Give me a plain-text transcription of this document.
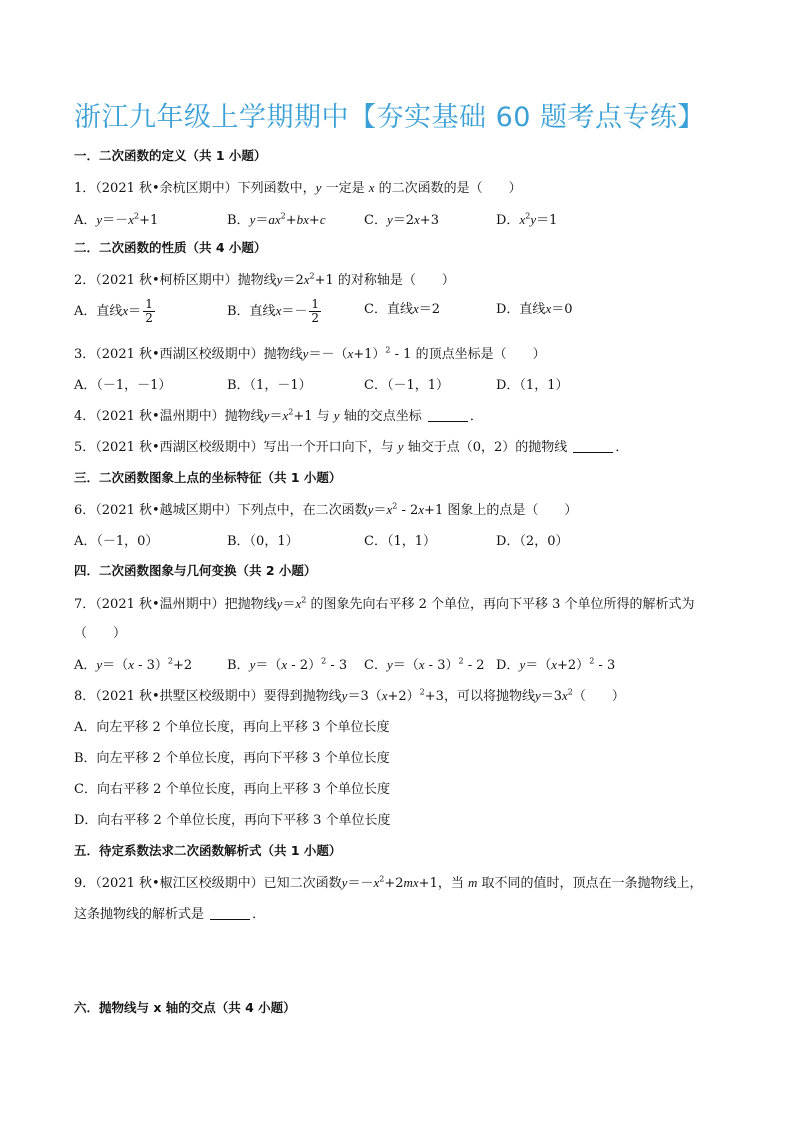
浙江九年级上学期期中【夯实基础 60 题考点专练】
一．二次函数的定义（共 1 小题）
1．（2021 秋•余杭区期中）下列函数中，y 一定是 x 的二次函数的是（　　）
A．$y=-x^2+1$	B．$y=ax^2+bx+c$	C．y＝2x+3	D．$x^2y=1$
二．二次函数的性质（共 4 小题）
2．（2021 秋•柯桥区期中）抛物线$y=2x^2+1$ 的对称轴是（　　）
A．直线$x= \frac{1}{2}$	B．直线$x=- \frac{1}{2}$	C．直线x＝2	D．直线x＝0
3．（2021 秋•西湖区校级期中）抛物线$y=-(x+1)^2 - 1$ 的顶点坐标是（　　）
A．（－1，－1）	B．（1，－1）	C．（－1，1）	D．（1，1）
4．（2021 秋•温州期中）抛物线$y=x^2+1$ 与 y 轴的交点坐标	．
5．（2021 秋•西湖区校级期中）写出一个开口向下，与 y 轴交于点（0，2）的抛物线	．
三．二次函数图象上点的坐标特征（共 1 小题）
6．（2021 秋•越城区期中）下列点中，在二次函数$y=x^2 - 2x+1$ 图象上的点是（　　）
A．（－1，0）	B．（0，1）	C．（1，1）	D．（2，0）
四．二次函数图象与几何变换（共 2 小题）
7．（2021 秋•温州期中）把抛物线$y=x^2$ 的图象先向右平移 2 个单位，再向下平移 3 个单位所得的解析式为
（　　）
A．y＝（x - 3）$^2$+2	B．y＝（x - 2）$^2$ - 3 C．y＝（x - 3）$^2$ - 2 D．$y=(x+2)^2 - 3$
8．（2021 秋•拱墅区校级期中）要得到抛物线$y=3(x+2)^2+3$，可以将抛物线$y=3x^2$（　　）
A．向左平移 2 个单位长度，再向上平移 3 个单位长度
B．向左平移 2 个单位长度，再向下平移 3 个单位长度
C．向右平移 2 个单位长度，再向上平移 3 个单位长度
D．向右平移 2 个单位长度，再向下平移 3 个单位长度
五．待定系数法求二次函数解析式（共 1 小题）
9．（2021 秋•椒江区校级期中）已知二次函数$y=-x^2+2mx+1$，当 m 取不同的值时，顶点在一条抛物线上，
这条抛物线的解析式是	．
六．抛物线与 x 轴的交点（共 4 小题）
